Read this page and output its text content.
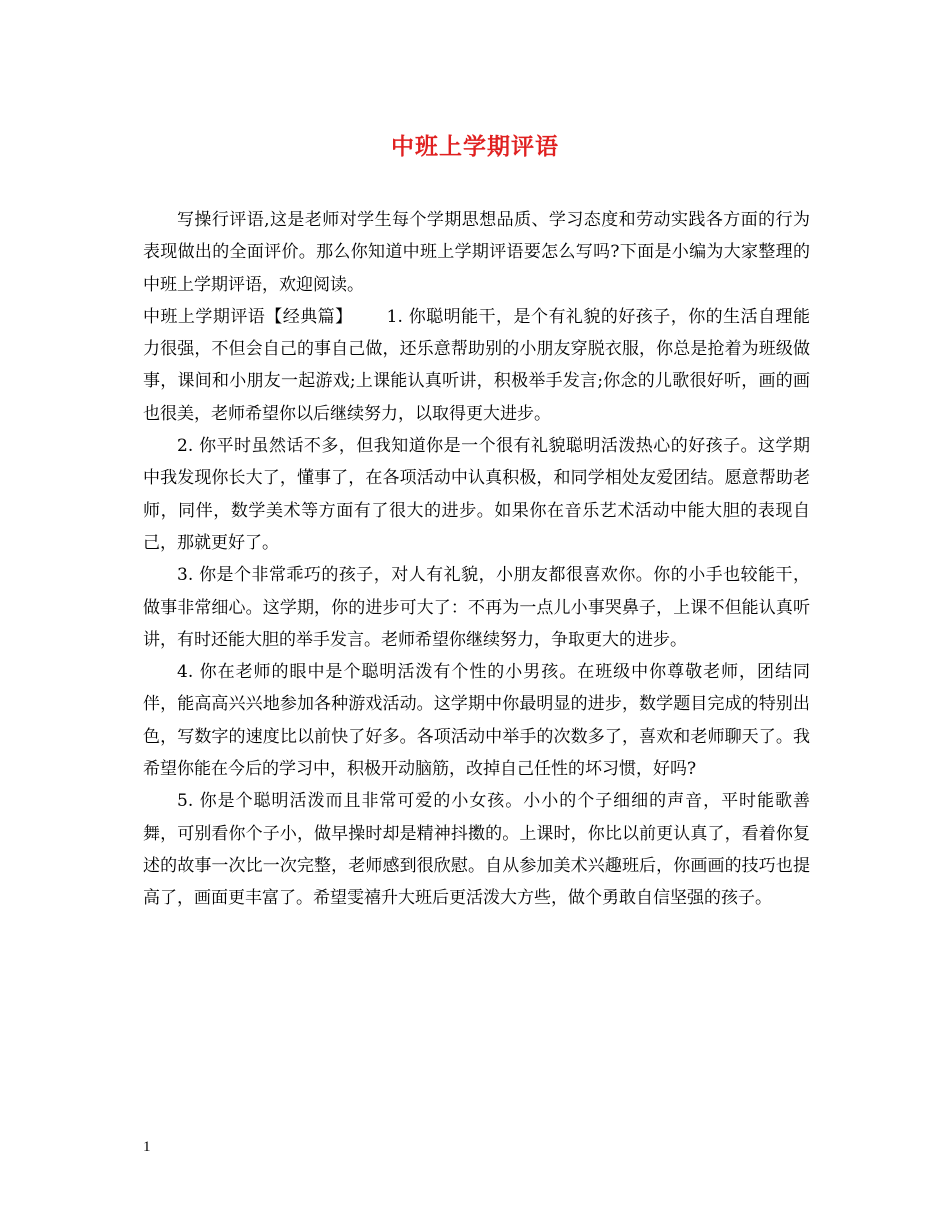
中班上学期评语

写操行评语,这是老师对学生每个学期思想品质、学习态度和劳动实践各方面的行为表现做出的全面评价。那么你知道中班上学期评语要怎么写吗?下面是小编为大家整理的中班上学期评语，欢迎阅读。

中班上学期评语【经典篇】 1. 你聪明能干，是个有礼貌的好孩子，你的生活自理能力很强，不但会自己的事自己做，还乐意帮助别的小朋友穿脱衣服，你总是抢着为班级做事，课间和小朋友一起游戏;上课能认真听讲，积极举手发言;你念的儿歌很好听，画的画也很美，老师希望你以后继续努力，以取得更大进步。

2. 你平时虽然话不多，但我知道你是一个很有礼貌聪明活泼热心的好孩子。这学期中我发现你长大了，懂事了，在各项活动中认真积极，和同学相处友爱团结。愿意帮助老师，同伴，数学美术等方面有了很大的进步。如果你在音乐艺术活动中能大胆的表现自己，那就更好了。

3. 你是个非常乖巧的孩子，对人有礼貌，小朋友都很喜欢你。你的小手也较能干，做事非常细心。这学期，你的进步可大了：不再为一点儿小事哭鼻子，上课不但能认真听讲，有时还能大胆的举手发言。老师希望你继续努力，争取更大的进步。

4. 你在老师的眼中是个聪明活泼有个性的小男孩。在班级中你尊敬老师，团结同伴，能高高兴兴地参加各种游戏活动。这学期中你最明显的进步，数学题目完成的特别出色，写数字的速度比以前快了好多。各项活动中举手的次数多了，喜欢和老师聊天了。我希望你能在今后的学习中，积极开动脑筋，改掉自己任性的坏习惯，好吗?

5. 你是个聪明活泼而且非常可爱的小女孩。小小的个子细细的声音，平时能歌善舞，可别看你个子小，做早操时却是精神抖擞的。上课时，你比以前更认真了，看着你复述的故事一次比一次完整，老师感到很欣慰。自从参加美术兴趣班后，你画画的技巧也提高了，画面更丰富了。希望雯禧升大班后更活泼大方些，做个勇敢自信坚强的孩子。

1
